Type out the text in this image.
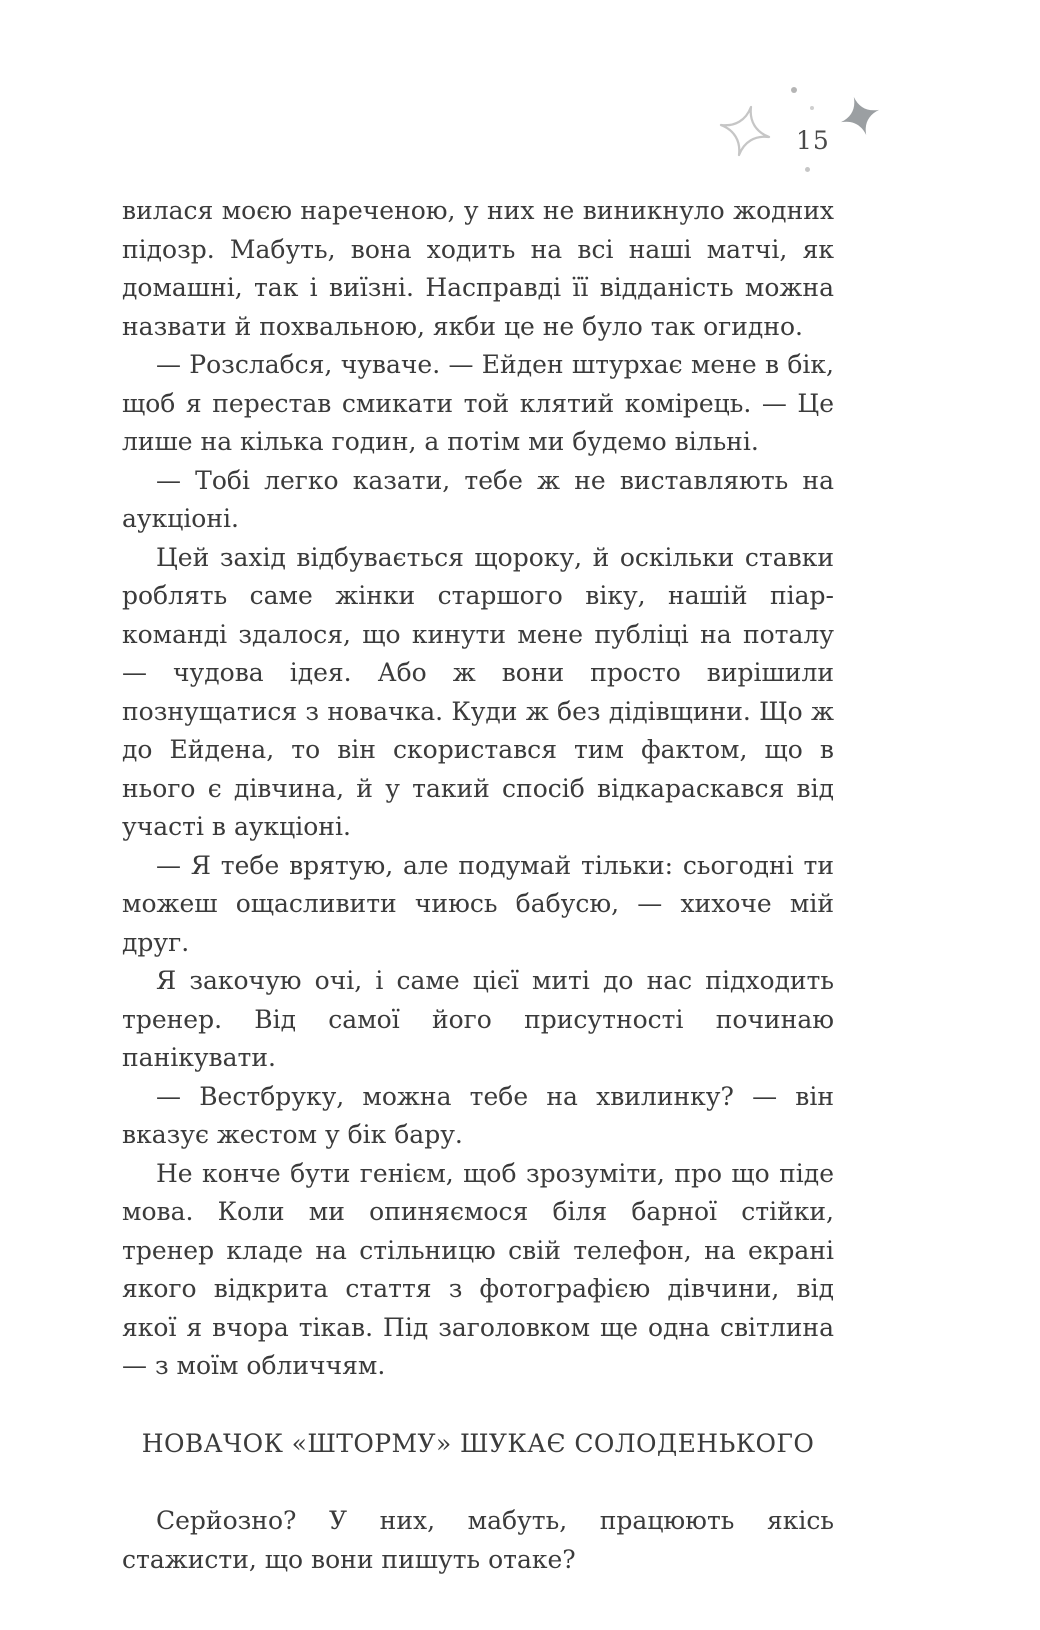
15

вилася моєю нареченою, у них не виникнуло жодних підозр. Мабуть, вона ходить на всі наші матчі, як домашні, так і виїзні. Насправді її відданість можна назвати й похвальною, якби це не було так огидно.

— Розслабся, чуваче. — Ейден штурхає мене в бік, щоб я перестав смикати той клятий комірець. — Це лише на кілька годин, а потім ми будемо вільні.

— Тобі легко казати, тебе ж не виставляють на аукціоні.

Цей захід відбувається щороку, й оскільки ставки роблять саме жінки старшого віку, нашій піар-команді здалося, що кинути мене публіці на поталу — чудова ідея. Або ж вони просто вирішили познущатися з новачка. Куди ж без дідівщини. Що ж до Ейдена, то він скористався тим фактом, що в нього є дівчина, й у такий спосіб відкараскався від участі в аукціоні.

— Я тебе врятую, але подумай тільки: сьогодні ти можеш ощасливити чиюсь бабусю, — хихоче мій друг.

Я закочую очі, і саме цієї миті до нас підходить тренер. Від самої його присутності починаю панікувати.

— Вестбруку, можна тебе на хвилинку? — він вказує жестом у бік бару.

Не конче бути генієм, щоб зрозуміти, про що піде мова. Коли ми опиняємося біля барної стійки, тренер кладе на стільницю свій телефон, на екрані якого відкрита стаття з фотографією дівчини, від якої я вчора тікав. Під заголовком ще одна світлина — з моїм обличчям.

НОВАЧОК «ШТОРМУ» ШУКАЄ СОЛОДЕНЬКОГО

Серйозно? У них, мабуть, працюють якісь стажисти, що вони пишуть отаке?
